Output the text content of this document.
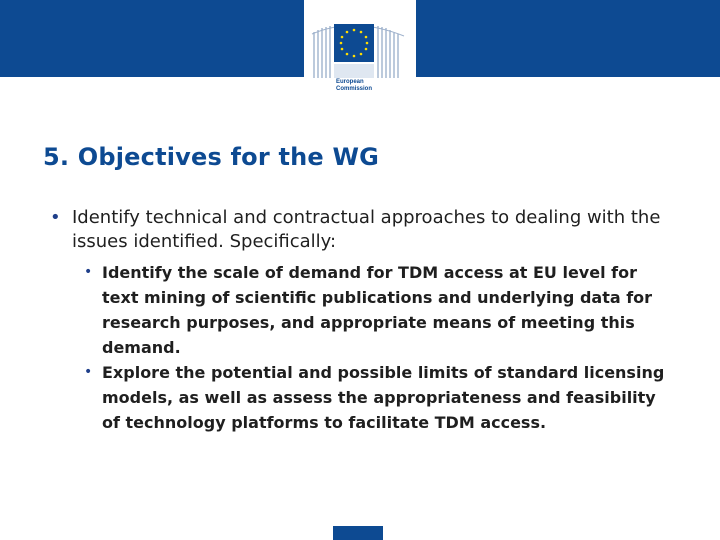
European
Commission
5. Objectives for the WG
• Identify technical and contractual approaches to dealing with the issues identified. Specifically:
• Identify the scale of demand for TDM access at EU level for text mining of scientific publications and underlying data for research purposes, and appropriate means of meeting this demand.
• Explore the potential and possible limits of standard licensing models, as well as assess the appropriateness and feasibility of technology platforms to facilitate TDM access.
